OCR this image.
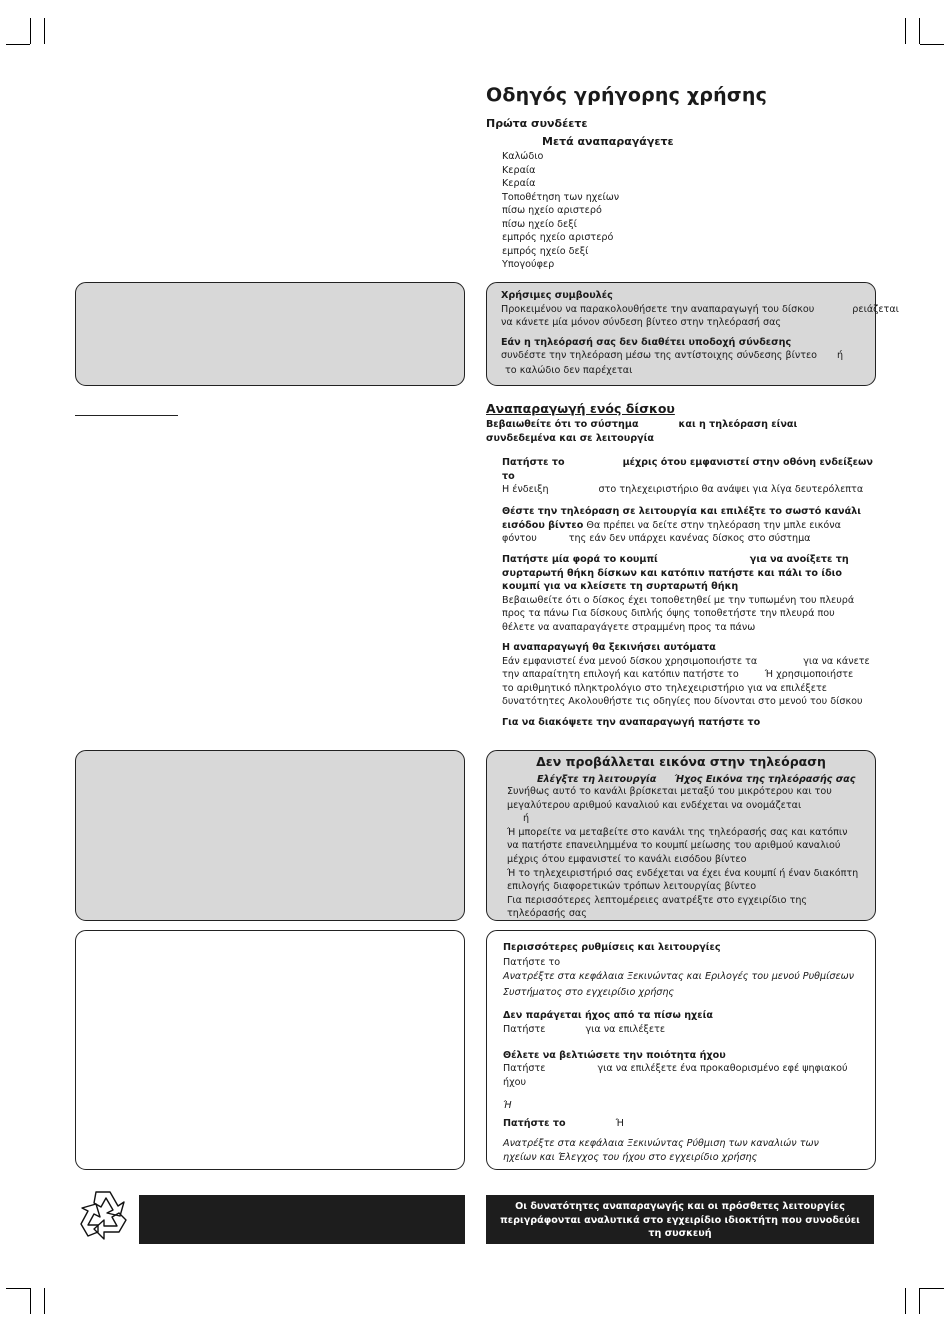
Οδηγός γρήγορης χρήσης
Πρώτα συνδέετε
Μετά αναπαραγάγετε
Καλώδιο
Κεραία
Κεραία
Τοποθέτηση των ηχείων
πίσω ηχείο αριστερό
πίσω ηχείο δεξί
εμπρός ηχείο αριστερό
εμπρός ηχείο δεξί
Υπογούφερ

Χρήσιμες συμβουλές

Προκειμένου να παρακολουθήσετε την αναπαραγωγή του δίσκου	ρειάζεται

να κάνετε μία μόνον σύνδεση βίντεο στην τηλεόρασή σας

Εάν η τηλεόρασή σας δεν διαθέτει υποδοχή σύνδεσης

συνδέστε την τηλεόραση μέσω της αντίστοιχης σύνδεσης βίντεο ή

το καλώδιο δεν παρέχεται

Αναπαραγωγή ενός δίσκου

Βεβαιωθείτε ότι το σύστημα	και η τηλεόραση είναι

συνδεδεμένα και σε λειτουργία

Πατήστε το	μέχρις ότου εμφανιστεί στην οθόνη ενδείξεων

το

Η ένδειξη	στο τηλεχειριστήριο θα ανάψει για λίγα δευτερόλεπτα

Θέστε την τηλεόραση σε λειτουργία και επιλέξτε το σωστό κανάλι

εισόδου βίντεο Θα πρέπει να δείτε στην τηλεόραση την μπλε εικόνα

φόντου	της εάν δεν υπάρχει κανένας δίσκος στο σύστημα

Πατήστε μία φορά το κουμπί	για να ανοίξετε τη

συρταρωτή θήκη δίσκων και κατόπιν πατήστε και πάλι το ίδιο

κουμπί για να κλείσετε τη συρταρωτή θήκη

Βεβαιωθείτε ότι ο δίσκος έχει τοποθετηθεί με την τυπωμένη του πλευρά

προς τα πάνω Για δίσκους διπλής όψης τοποθετήστε την πλευρά που

θέλετε να αναπαραγάγετε στραμμένη προς τα πάνω

Η αναπαραγωγή θα ξεκινήσει αυτόματα

Εάν εμφανιστεί ένα μενού δίσκου χρησιμοποιήστε τα	για να κάνετε

την απαραίτητη επιλογή και κατόπιν πατήστε το	Ή χρησιμοποιήστε

το αριθμητικό πληκτρολόγιο στο τηλεχειριστήριο για να επιλέξετε

δυνατότητες Ακολουθήστε τις οδηγίες που δίνονται στο μενού του δίσκου

Για να διακόψετε την αναπαραγωγή πατήστε το

Δεν προβάλλεται εικόνα στην τηλεόραση
Ελέγξτε τη λειτουργία Ήχος Εικόνα της τηλεόρασής σας

Συνήθως αυτό το κανάλι βρίσκεται μεταξύ του μικρότερου και του

μεγαλύτερου αριθμού καναλιού και ενδέχεται να ονομάζεται

ή

Ή μπορείτε να μεταβείτε στο κανάλι της τηλεόρασής σας και κατόπιν

να πατήστε επανειλημμένα το κουμπί μείωσης του αριθμού καναλιού

μέχρις ότου εμφανιστεί το κανάλι εισόδου βίντεο

Ή το τηλεχειριστήριό σας ενδέχεται να έχει ένα κουμπί ή έναν διακόπτη

επιλογής διαφορετικών τρόπων λειτουργίας βίντεο

Για περισσότερες λεπτομέρειες ανατρέξτε στο εγχειρίδιο της

τηλεόρασής σας

Περισσότερες ρυθμίσεις και λειτουργίες

Πατήστε το

Ανατρέξτε στα κεφάλαια Ξεκινώντας και Εριλογές του μενού Ρυθμίσεων

Συστήματος στο εγχειρίδιο χρήσης

Δεν παράγεται ήχος από τα πίσω ηχεία

Πατήστε	για να επιλέξετε

Θέλετε να βελτιώσετε την ποιότητα ήχου

Πατήστε	για να επιλέξετε ένα προκαθορισμένο εφέ ψηφιακού

ήχου

Ή

Πατήστε το	Ή

Ανατρέξτε στα κεφάλαια Ξεκινώντας Ρύθμιση των καναλιών των

ηχείων και Έλεγχος του ήχου στο εγχειρίδιο χρήσης

Οι δυνατότητες αναπαραγωγής και οι πρόσθετες λειτουργίες
περιγράφονται αναλυτικά στο εγχειρίδιο ιδιοκτήτη που συνοδεύει
τη συσκευή
